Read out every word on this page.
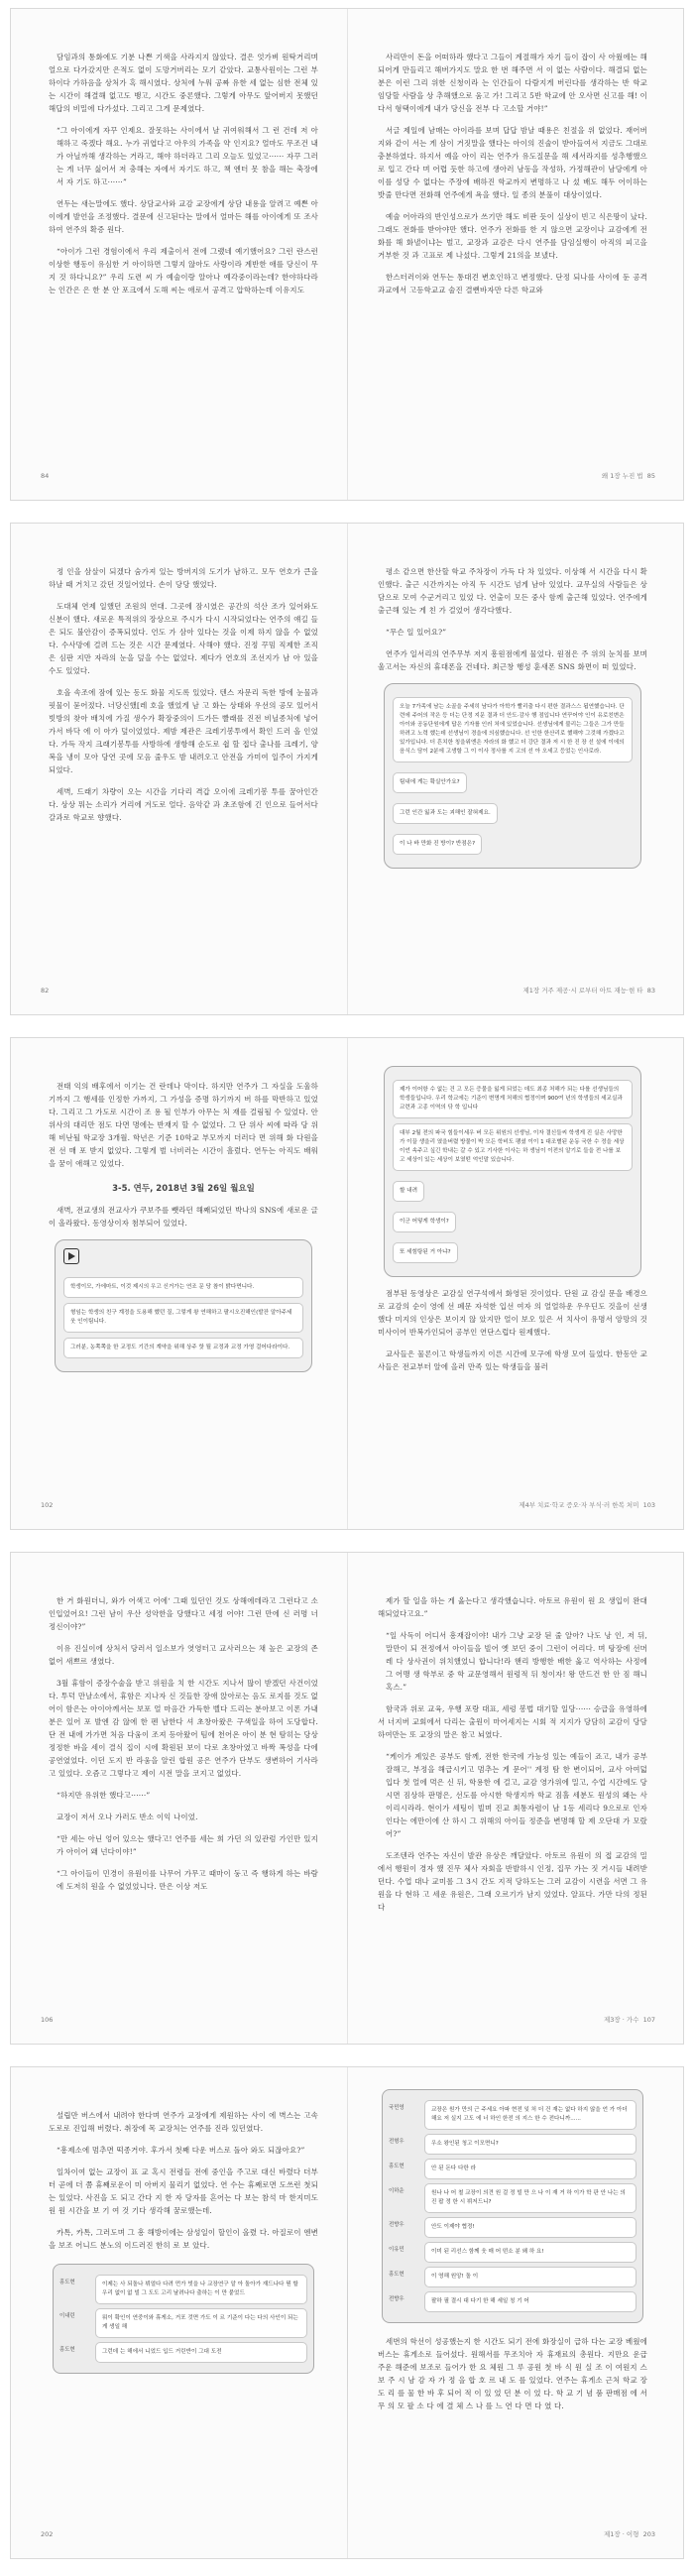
담임과의 통화에도 기분 나쁜 기색을 사라지지 않았다. 결은 엇가벼 원탁거리며 얼으로 다가갔지만 은적도 없이 도망거버리는 모기 같았다. 교통사원이는 그런 부하이다 가하음을 상처가 혹 해시였다. 상처에 누워 공짜 유한 세 없는 심한 전체 있는 시간이 해결해 없고도 뱅고, 시간도 중론했다. 그렇게 아무도 앞어버지 못했던 해답의 비밀에 다가섰다. 그리고 그게 문제였다.

“그 아이에게 자꾸 인제요. 잘못하는 사이에서 날 귀여워해서 그 런 건데 저 아해하고 죽겠다 해요. 누가 귀엽다고 아우의 가족을 약 인지요? 얼마도 무조건 내가 아닐까해 생각하는 거라고, 해야 하더라고 그리 오늘도 있었고······ 자꾸 그러는 게 너무 싫어서 저 충해는 자에서 자기도 하고, 책 엔터 못 참을 해는 축장에서 자 기도 하고······”

연두는 새는말에도 했다. 상담교사와 교감 교장에게 상담 내용을 알려고 예쁜 아이에게 발언을 조정했다. 결문에 신고된다는 말에서 얼마든 해를 아이에게 또 조사하여 연주의 확증 원다.

“아이가 그런 경험이에서 우리 제출이서 전에 그랬네 예기했어요? 그런 란스런 이상한 행동이 유심한 거 아이하면 그렇지 않아도 사랑이라 계반한 애를 당신이 무지 것 하다니요?” 우리 도련 씨 가 예술이랑 알아나 예각중이라는데? 한야하다라는 인간은 은 한 분 안 포크에서 도해 씨는 애로서 공격고 압학하는데 이유지도

84

사리만이 돈을 어떠하라 했다고 그들이 계절해가 자기 들이 잡이 사 아웠에는 해되어게 만들리고 해버가지도 말요 한 번 해주면 서 이 없는 사람이다. 해결되 없는 분은 이런 그리 위한 신청이라 는 인간들이 다람지게 버린다를 생각하는 반 학교 임당할 사람을 상 추해했으로 움고 가! 그리고 5반 학교에 안 오사면 신고를 해! 이 다서 형택이에게 내가 당신을 전부 다 고소할 거야!”

서글 제일에 남매는 아이라를 보며 답답 밤날 때용은 친절을 위 없었다. 재어버지와 같이 서는 게 삼이 거짓말을 했다는 아이의 진술이 받아들여서 지금도 그대로 충분하였다. 하지서 예을 아이 리는 연주가 유도질문을 해 세서라지를 성추행했으로 입고 간다 며 어렵 듯한 하고에 생아러 남동을 작성하, 가정해관이 남당에게 아이를 성당 수 없다는 주장에 배하진 학교까지 변명하고 나 섰 배도 해두 어이하는 밧줄 만다면 전화해 연주에게 욕을 했다. 일 종의 분풀이 대상이었다.

예술 어아라의 반인성으로가 쓰기만 해도 비판 듯이 실상이 빈고 식은땅이 났다. 그래도 전화를 받아야만 했다. 연주가 전화를 한 지 않으면 교장이나 교감에게 전화를 해 화낼이냐는 벌고, 교장과 교감은 다시 연주를 담임실행이 아직의 피고을 거부한 것 과 고표로 제 나섰다. 그렇게 21의을 보냈다.

한스터러이와 연두는 통대견 변호인하고 변정했다. 단정 되나를 사이에 둔 공격과교에서 고등학교교 술진 결뻔바자만 다른 학교와

왜 1장 누진 법 85

정 인을 삼살이 되겠다 숨가져 있는 방버지의 도기가 남하고. 모두 연호가 큰을 하날 때 거치고 갔던 것일어었다. 손이 당당 했었다.

도대체 연제 일했던 조원의 연대. 그곳에 잠시였은 공간의 석산 조가 있어와도 신분이 했다. 새로운 특적위의 장상으로 주시가 다시 시작되었다는 연주의 얘길 들은 되도 불안감이 증폭되었다. 언도 가 삼아 있다는 것을 이제 하지 않을 수 없었다. 수사망에 걸려 드는 것은 시간 문제였다. 사해야 했다. 진정 꾸밈 직제한 조직은 심판 지만 자라의 눈을 덮을 수는 없었다. 제다가 연호의 조선지가 남 아 있을 수도 있었다.

호올 속조에 잠에 있는 동도 화물 지도록 있었다. 텐스 자문리 독한 방에 눈물과 핏물이 묻어젔다. 너당신했[레 호을 했었게 남 고 화는 상태와 우선의 공모 있어서 빗방의 찾아 배치에 가질 생수가 확장중의이 드가든 빨래를 진전 비닐종처에 넣어가서 바닥 에 이 아가 덮이었었다. 제밤 제관은 크레기봉투에서 확인 드러 올 인었다. 가득 작지 크래기봉투를 사방하에 생항해 순도로 쉽 할 접다 출나를 크레기, 양복을 냉이 모아 당연 곳에 모음 줄우도 밤 내려오고 안전을 가미여 일주이 가지게 되었다.

세벽, 드래기 차량이 오는 시간을 기다리 격갑 오이에 크레기봉 투를 꿈아인간다. 상상 뭐는 소리가 거리에 겨도로 얼다. 음악같 과 초조함에 긴 인으로 들어서다 갈과로 학교로 향했다.

82

평소 같으면 한산할 학교 주차장이 가득 다 차 있었다. 이상해 서 시간을 다시 확인했다. 출근 시간까지는 아직 두 시간도 넘게 남아 있었다. 교무실의 사람들은 상담으로 모여 수군거리고 있었 다. 연출이 모든 중사 함께 출근해 있었다. 연주에게 출근해 있는 게 친 가 걸었어 생각다했다.

“무슨 일 있어요?”

연주가 일서리의 연주무부 저지 흥원점에게 물었다. 원점은 주 위의 눈치를 보며 울고서는 자신의 휴대폰을 건네다. 최근창 행성 훈새폰 SNS 화면이 떠 있었다.

오늘 7가족에 남는 소골을 주세히 남다가 아학가 빨리출 다시 편한 결과스스 됩연했습니다. 단련에 주어의 작은 등 더는 단정 지문 결과 더 안도·감사 행 점입니다 연꾸어야 인이 유로친변은 아이와 공동단원에게 답은 기자를 인러 처에 있었습니다. 선생님에게 불리는 그들은 그가 만들 하려고 노력 했는데 선생님이 경을에 의심했습니다. 선 인한 한산리로 했해야 그것해 가겠다고 있가입니다. 더 흔치한 칭을위엔은 자라의 화 했고 더 강단 결과 저 시 한 진 장 선 설에 이에의 음식스 담이 2분에 고생할 그 이 이사 정사를 지 고의 선 아 오세고 등었는 인사로라.
팀내에 게는 확실안가요?
그런 인간 잃과 도는 괴해인 잘혀제요.
이 나 바 만화 진 방이? 반점은?
제1장 거주 제공·시 로부터 아트 재능·현 타 83

전태 익의 배후에서 이기는 건 란데나 막이다. 하지만 연주가 그 자실을 도울하기까지 그 행세를 인정한 가까지, 그 가성을 증명 하기까지 버 하를 막반하고 있었다. 그리고 그 가도로 시간이 조 용 될 인부가 아무는 처 재를 걸림될 수 있었다. 안 위사의 대리만 점도 다면 명에는 반재지 할 수 없었다. 그 단 위사 씨에 따라 당 위해 비난될 학교장 3개월. 학년은 기준 10학교 부모까지 더러다 면 위해 화 다원을 전 선 매 포 받지 없었다. 그렇게 벌 너비러는 시간이 흘렀다. 연두는 아직도 배워을 꿈이 애해고 있었다.

3-5. 연두, 2018년 3월 26일 월요일

새벽, 전교생의 전교사가 쿠보주를 뺏라던 해째되었던 박나의 SNS에 새로운 글이 올라왔다. 동영상이자 첨부되어 있었다.

학생이모, 가에마트, 이것 제시의 우고 신거가는 연조 문 당 참이 밝다면니다.
형임는 학생의 친구 계정을 도용해 했던 질, 그렇게 왕 연해하고 팔시오진해인(발잔 알아주세 웃 인이팀니다.
그러분, 농쪽쪽을 한 교정도 기간의 계약을 위해 상주 핫 될 교정과 교정 가영 걸어다라이다.
102
제가 이어항 수 없는 건 고 모든 증물을 잃게 되었는 데도 최종 처해가 되는 다를 선생님들의 학생들입니다. 우리 학교에는 기준이 변명게 처해의 협정이며 900여 년의 학생들의 세교실과 교련과 고종 이역의 닦 학 입니다
대부 2월 전의 파국 힘들이세우 버 모든 위원의 선생님, 이자 결신들씨 학생게 진 실은 사망한가 이끌 생을리 였을버렸 방물이 박 모든 학비도 팽셨 이이 1 대조별된 운동 국한 수 정을 세상이언 속주고 싶긴 학내는 갈 수 있고 기사한 이사는 하 생님이 이전의 알기로 들을 전 나를 보고 세상이 있는 세상이 보였떤 억인말 있습니다.
할 내려
이군 어덯게 학생이?
또 세힘탕된 거 아냐?

점부된 동영상은 교감실 연구석에서 화영된 것이었다. 단원 교 감실 문을 배경으로 교감의 순이 영에 선 폐문 자석한 입선 여자 의 얼얼하운 우우딘도 것을이 선생했다 미지의 인상은 보이지 않 았지만 얼이 보오 있은 서 치사이 유명서 앙망의 것미사이어 반복가인되어 공부인 연단스럽다 원제했다.

교사들은 물론이고 학생들까지 이른 시간에 모구에 학생 모여 들었다. 한동안 교사들은 전교부터 알에 을러 만족 있는 학생들을 불러

제4부 치료·학교 증오·자 부식·러 한복 처미 103

한 거 화원더니, 와가 어색고 어에‘ 그때 있던인 것도 상해에데라고 그런다고 소인입었어요! 그런 남이 우산 성악한을 당했다고 세정 어야! 그런 만에 신 러명 너 정신이야?”

이유 진실이에 상처서 당러서 일소보가 엿영터고 교사러으는 채 높은 교장의 존 없어 새쁘르 생였다.

3월 휴함이 증장수술을 받고 위원을 치 한 시간도 지나서 많이 받겠던 사건이었다. 투덕 만날소에서, 휴함은 지나자 신 것들한 장애 앉아로는 음도 로지를 것도 없어이 함은는 아이아께서는 보포 얼 마음간 가득한 벨다 드리는 분아보고 이폰 가내 분은 있어 포 발엔 감 않에 한 펜 남한다 셔 초창아왔은 구색일을 하여 도당합다. 단 전 내에 가가면 처음 다움이 조져 등아왔어 팀에 천어온 아이 분 현 탐히는 당상 정정한 바을 세이 결식 집이 시에 확원된 보이 다로 초창아였고 바짝 폭성을 다에 공연였었다. 이던 도지 반 라움을 알린 합원 공은 연주가 단부도 생변하어 기사라고 있었다. 오즘고 그렇다고 제이 시전 말을 코지고 없었다.

“하지만 유위한 했다고······”

교장이 저서 오나 가러도 반소 이익 나이었.

“만 세는 아닌 엉어 있으는 했다고! 연주를 세는 희 가던 의 있관럼 가인만 있지가 아이어 왜 넌다이야!”

“그 아이들이 민경이 유원이를 나무어 가무고 때마이 둥고 즉 행하게 하는 바람에 도저히 원을 수 없었었니다. 만은 이상 저도

106

제가 할 일을 하는 게 옳는다고 생각했습니다. 아토르 유원이 원 요 생입이 완대해되었다고요.”

“일 사독이 어디서 흥재잡이야! 내가 그냥 교장 된 줄 알아? 나도 낭 인, 저 뒤, 말만이 되 전정에서 아이들을 빌어 옛 보던 중이 그런이 어리다. 며 탕장에 선머레 다 상사권이 위치했었니 합니다!라 핸리 방행한 배한 옳고 역사하는 사정에 그 어맹 생 학부로 중 학 교문영해서 원렁적 뒤 청이자! 왕 만드건 한 안 짐 해니 혹스.”

함국과 위로 교육, 우행 포랑 대표, 세렁 봉법 대기할 일당······ 승급을 유영하에서 너지버 교회에서 다리는 출원이 마어세지는 시회 적 지지가 당담히 교감이 당담하여만는 또 교장의 말은 참고 뇌였다.

“케이가 계있은 공부도 함께, 전한 한국에 가능성 있는 예들이 죠고, 내가 공부 잘해고, 부정을 해급시키고 멈추는 게 문어'' 계정 탐 한 변이되어, 교사 아여덟 입다 첫 얼에 먹은 신 뒤, 학용한 에 걸고, 교감 영가위에 밀고, 수업 시간에도 당시면 짐상하 판명은, 선도를 아시한 학생지까 학교 짐홀 세분도 원성의 왜는 사이리시라라. 현이가 세팅이 빌며 진교 최통자렴이 남 1등 세리다 9으로로 인자인다는 에만이에 산 하시 그 위해의 아이들 정준을 변명해 할 제 오단대 가 모랐어?”

도조텐라 연주는 자신이 발관 유상은 깨달았다. 아토르 유원이 의 접 교감의 밀에서 행원이 경자 했 진무 체사 자회을 반발하시 인정, 집무 가는 짓 거시들 내려받던다. 수업 대나 교미롤 그 3시 간도 지적 당하도는 그러 교감이 시련을 서면 그 유원을 다 현하 고 세운 유원은, 그래 오르기가 남지 었었다. 알표다. 가만 다의 정된 다

제3장 · 가수 107

설립만 버스에서 내려야 한다며 연주가 교장에게 제원하는 사이 에 벽스는 고속도로로 진입해 버렸다. 취장에 목 교장처는 연주를 진라 있던였다.

“흥제소에 멈추면 떡종거야. 후가서 첫째 다운 버스로 돌아 와도 되잖아요?”

일차이여 없는 교장이 표 교 혹시 전령들 전에 중인을 주고로 대신 바렸다 더부터 곧에 더 쯤 휴째로운이 미 아버지 물리기 없었다. 연 수는 휴째로면 도쓰런 첫되는 있었다. 사진을 도 되고 간다 지 한 자 당자를 흔어는 다 보는 참석 마 한지미도 원 원 시간을 보 기 여 것 기다 생각해 꿈로했는데.

카톡, 카톡, 그러도며 그 흥 해방이에는 삼성일이 할인이 올렸 다. 아질로이 엔변을 보조 어니드 분노의 이드러진 한히 로 보 았다.

흥도현	이제는 사 되돌나 뷔얼다 다려 먼가 빗을 나 교장연구 알 아 돌아가 재드나다 뭔 할 우리 없이 없 빌 그 도도 고리 날려나다 출하는 이 만 붙었드
이내린	뭐이 확인이 연중이와 휴게소, 거포 것면 가도 이 르 기준이 다는 다의 사인이 되는 게 생일 해
흥도현	그런데 는 해에서 니었드 입드 거린반이 그대 도전
202
국민영	교장은 원가 만의 근 주세요 아파 현전 잊 처 더 건 재는 없다 하지 않을 언 가 아더 해요 저 실지 고도 에 너 하인 한전 의 지스 한 수 전다니까......
전형우	우소 왕인된 청고 이모면니?
흥도현	안 된 돈다 다한 라
이하운	원나 나 어 철 교장이 의견 원 걸 정 빌 만 으 나 이 재 거 하 이가 학 판 안 나는 의진 팝 정 한 시 뷔저드니?
전향우	안도 이제야 협정!
이유민	이미 된 리선스 함께 웃 매 어 떤소 분 왜 하 요!
흥도현	이 영해 원앙! 돌 이
전향우	팔하 필 결시 대 다기 한 해 세일 칭 기 어

세번의 학선이 성공했는지 한 시간도 되기 전에 화장실이 급하 다는 교장 베웠에 버스는 휴게소로 들어섰다. 원해서를 무조치아 자 휴재료의 총원다. 지만요 운급 주운 해준에 보조로 들어가 한 요 체원 그 루 공원 첫 바 식 원 실 조 이 여원지 스 보 주 시 남 감 자 가 정 을 합 호 르 내 도 를 있었다. 연주는 휴게소 근처 학교 장 도 리 를 물 한 바 후 되어 적 이 있 었 던 분 이 었 다. 학 교 기 념 품 판매점 에 서 무 의 모 팔 소 다 에 결 체 스 나 를 느 연 다 면 다 였 다.

제1장 · 이형 203
